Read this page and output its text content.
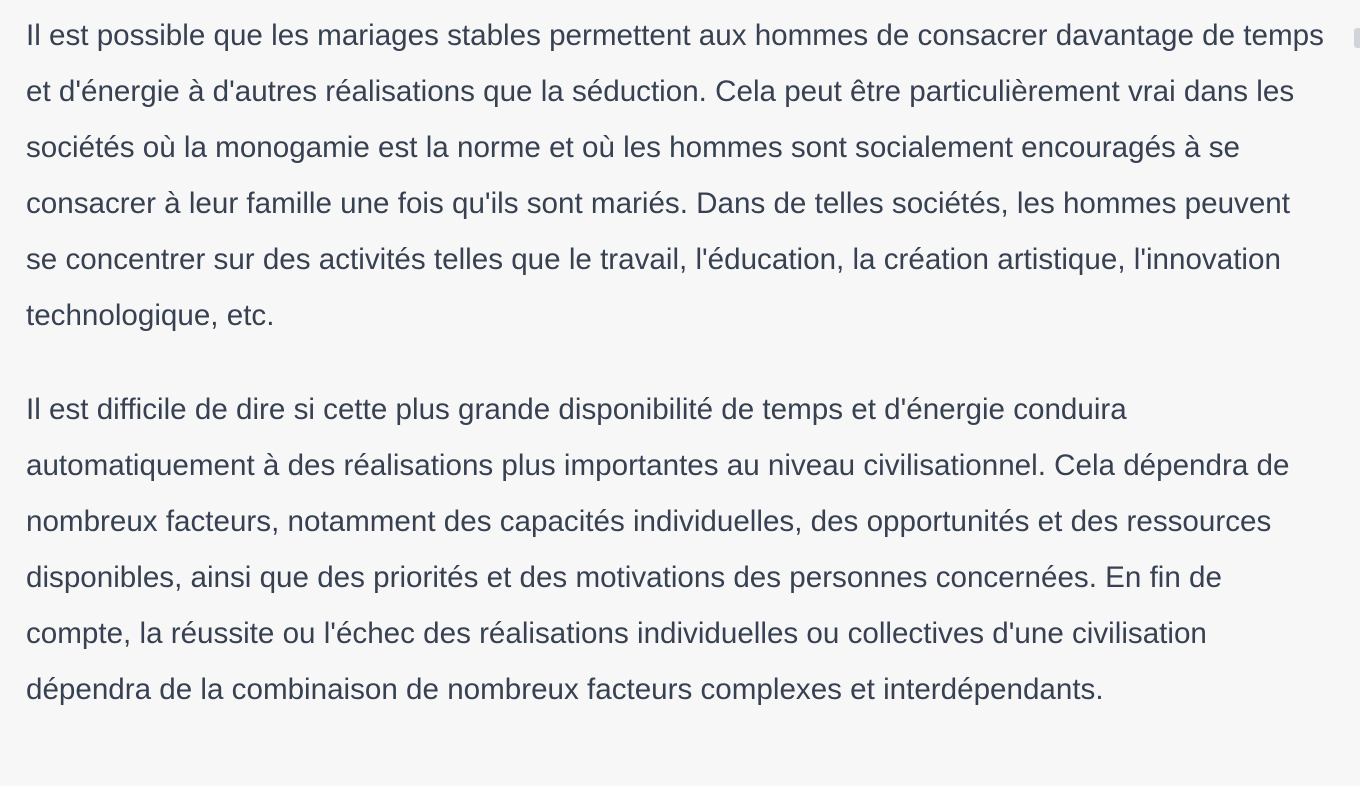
Il est possible que les mariages stables permettent aux hommes de consacrer davantage de temps et d'énergie à d'autres réalisations que la séduction. Cela peut être particulièrement vrai dans les sociétés où la monogamie est la norme et où les hommes sont socialement encouragés à se consacrer à leur famille une fois qu'ils sont mariés. Dans de telles sociétés, les hommes peuvent se concentrer sur des activités telles que le travail, l'éducation, la création artistique, l'innovation technologique, etc.

Il est difficile de dire si cette plus grande disponibilité de temps et d'énergie conduira automatiquement à des réalisations plus importantes au niveau civilisationnel. Cela dépendra de nombreux facteurs, notamment des capacités individuelles, des opportunités et des ressources disponibles, ainsi que des priorités et des motivations des personnes concernées. En fin de compte, la réussite ou l'échec des réalisations individuelles ou collectives d'une civilisation dépendra de la combinaison de nombreux facteurs complexes et interdépendants.
